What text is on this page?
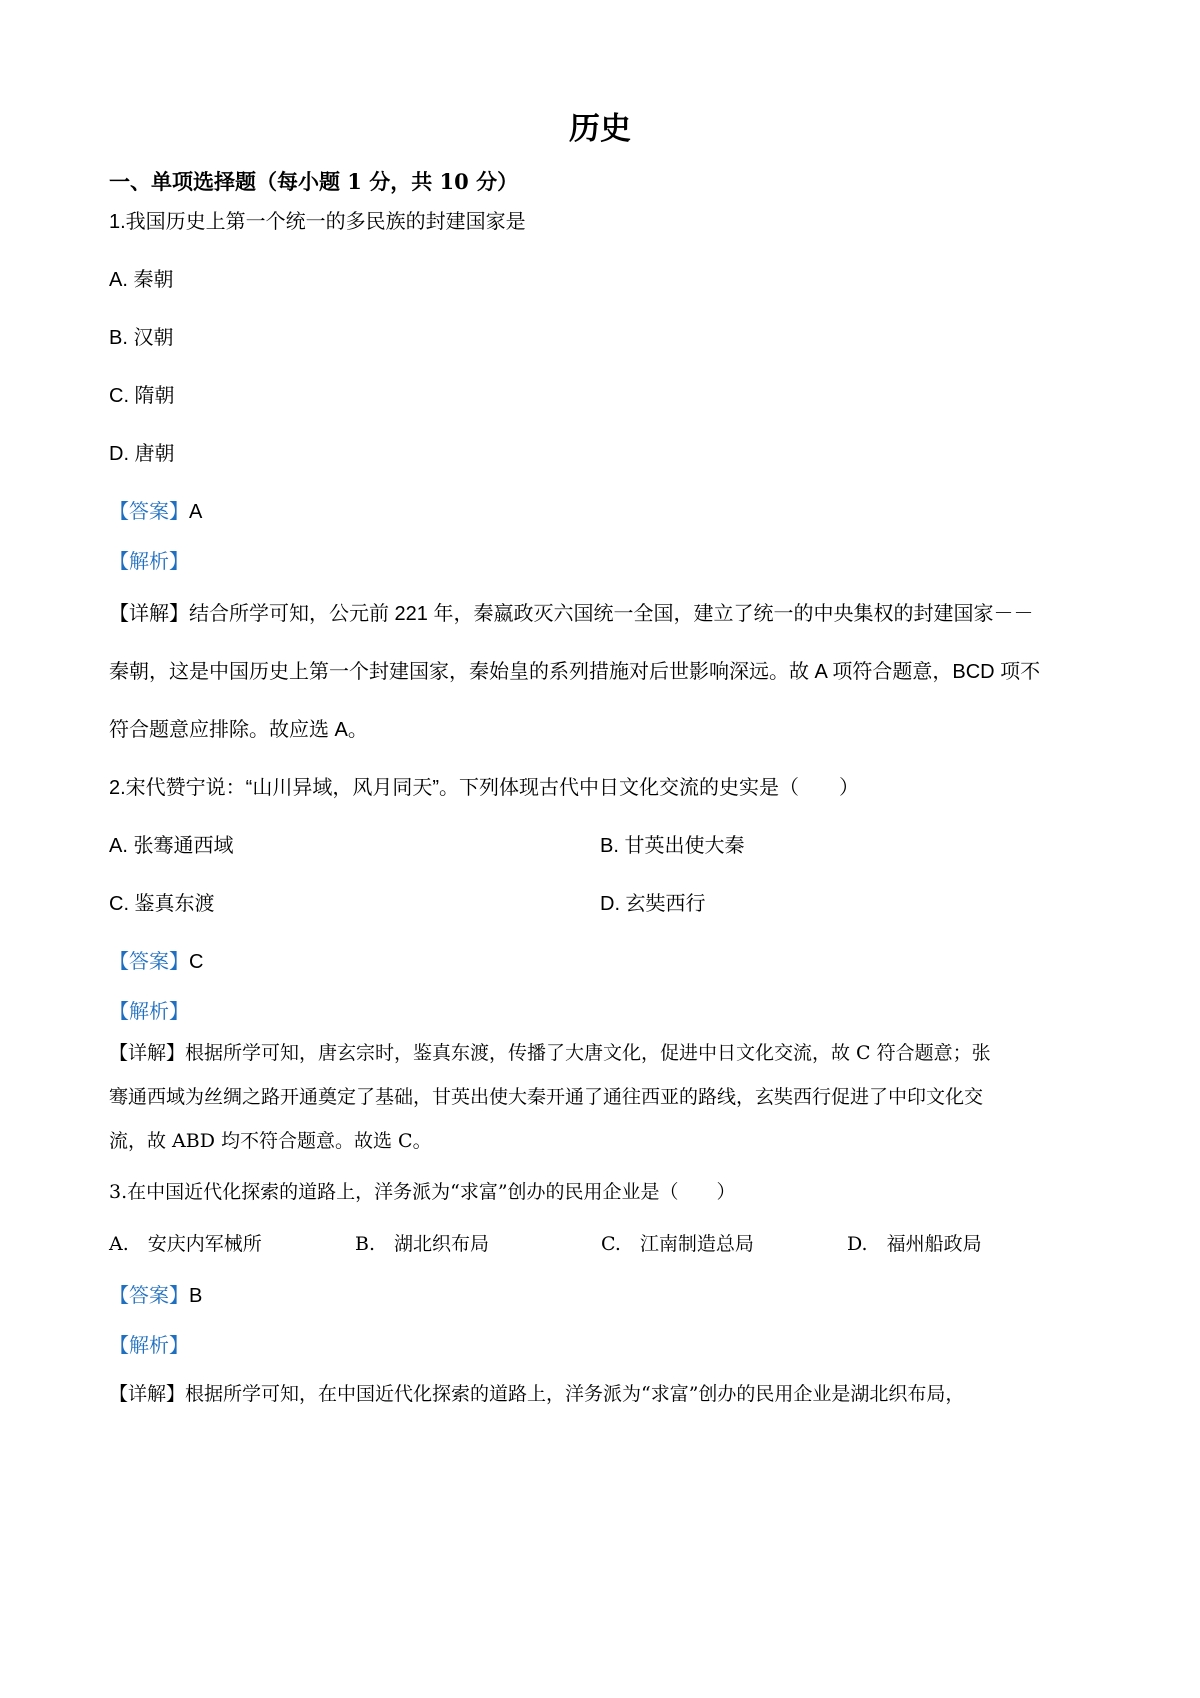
历史
一、单项选择题（每小题 1 分，共 10 分）
1.我国历史上第一个统一的多民族的封建国家是
A. 秦朝
B. 汉朝
C. 隋朝
D. 唐朝
【答案】A
【解析】
【详解】结合所学可知，公元前 221 年，秦嬴政灭六国统一全国，建立了统一的中央集权的封建国家－－
秦朝，这是中国历史上第一个封建国家，秦始皇的系列措施对后世影响深远。故 A 项符合题意，BCD 项不
符合题意应排除。故应选 A。
2.宋代赞宁说：“山川异域，风月同天”。下列体现古代中日文化交流的史实是（　　）
A. 张骞通西域	B. 甘英出使大秦
C. 鉴真东渡	D. 玄奘西行
【答案】C
【解析】
【详解】根据所学可知，唐玄宗时，鉴真东渡，传播了大唐文化，促进中日文化交流，故 C 符合题意；张
骞通西域为丝绸之路开通奠定了基础，甘英出使大秦开通了通往西亚的路线，玄奘西行促进了中印文化交
流，故 ABD 均不符合题意。故选 C。
3.在中国近代化探索的道路上，洋务派为“求富”创办的民用企业是（　　）
A.　安庆内军械所	B.　湖北织布局	C.　江南制造总局	D.　福州船政局
【答案】B
【解析】
【详解】根据所学可知，在中国近代化探索的道路上，洋务派为“求富”创办的民用企业是湖北织布局，
